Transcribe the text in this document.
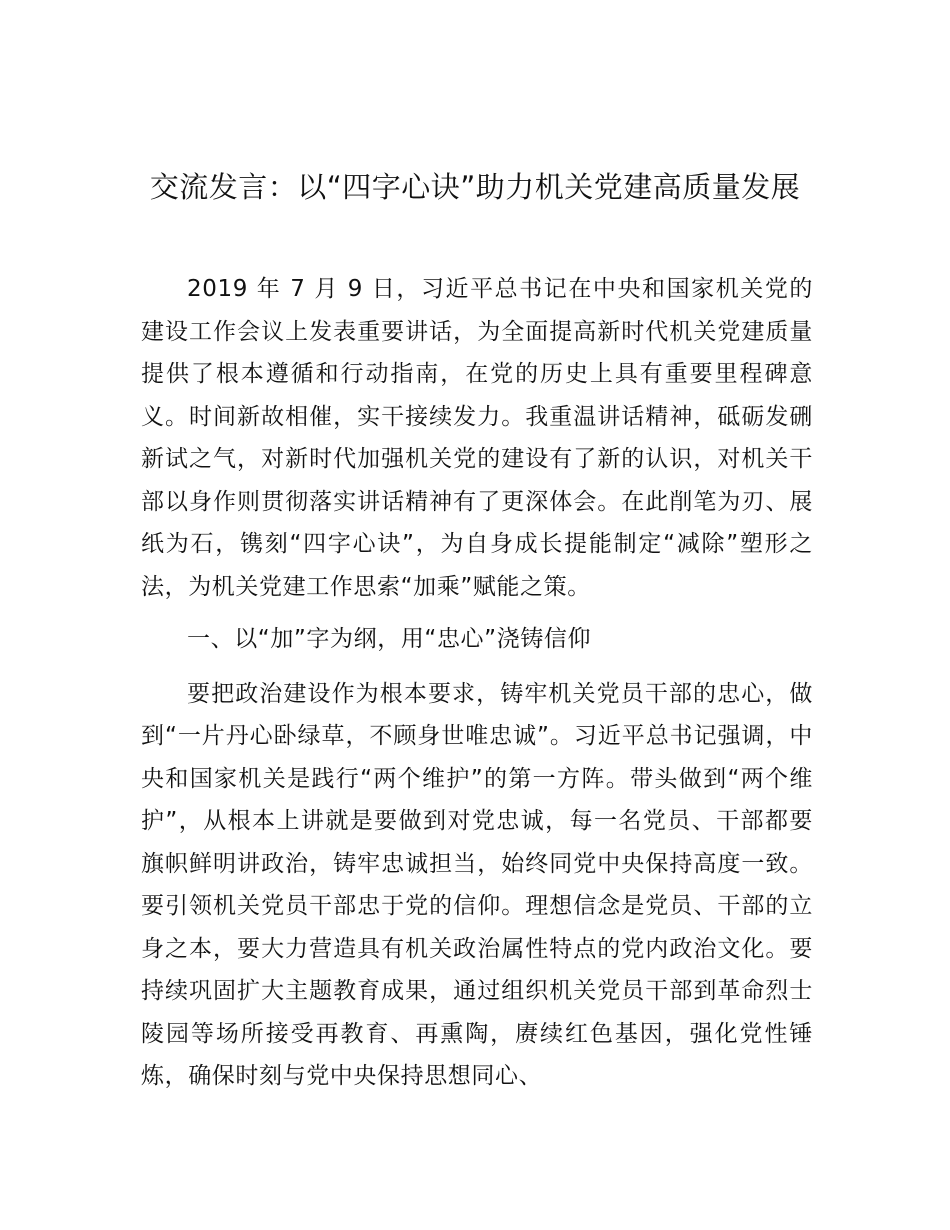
交流发言：以“四字心诀”助力机关党建高质量发展

2019 年 7 月 9 日，习近平总书记在中央和国家机关党的建设工作会议上发表重要讲话，为全面提高新时代机关党建质量提供了根本遵循和行动指南，在党的历史上具有重要里程碑意义。时间新故相催，实干接续发力。我重温讲话精神，砥砺发硎新试之气，对新时代加强机关党的建设有了新的认识，对机关干部以身作则贯彻落实讲话精神有了更深体会。在此削笔为刃、展纸为石，镌刻“四字心诀”，为自身成长提能制定“减除”塑形之法，为机关党建工作思索“加乘”赋能之策。

一、以“加”字为纲，用“忠心”浇铸信仰

要把政治建设作为根本要求，铸牢机关党员干部的忠心，做到“一片丹心卧绿草，不顾身世唯忠诚”。习近平总书记强调，中央和国家机关是践行“两个维护”的第一方阵。带头做到“两个维护”，从根本上讲就是要做到对党忠诚，每一名党员、干部都要旗帜鲜明讲政治，铸牢忠诚担当，始终同党中央保持高度一致。要引领机关党员干部忠于党的信仰。理想信念是党员、干部的立身之本，要大力营造具有机关政治属性特点的党内政治文化。要持续巩固扩大主题教育成果，通过组织机关党员干部到革命烈士陵园等场所接受再教育、再熏陶，赓续红色基因，强化党性锤炼，确保时刻与党中央保持思想同心、
